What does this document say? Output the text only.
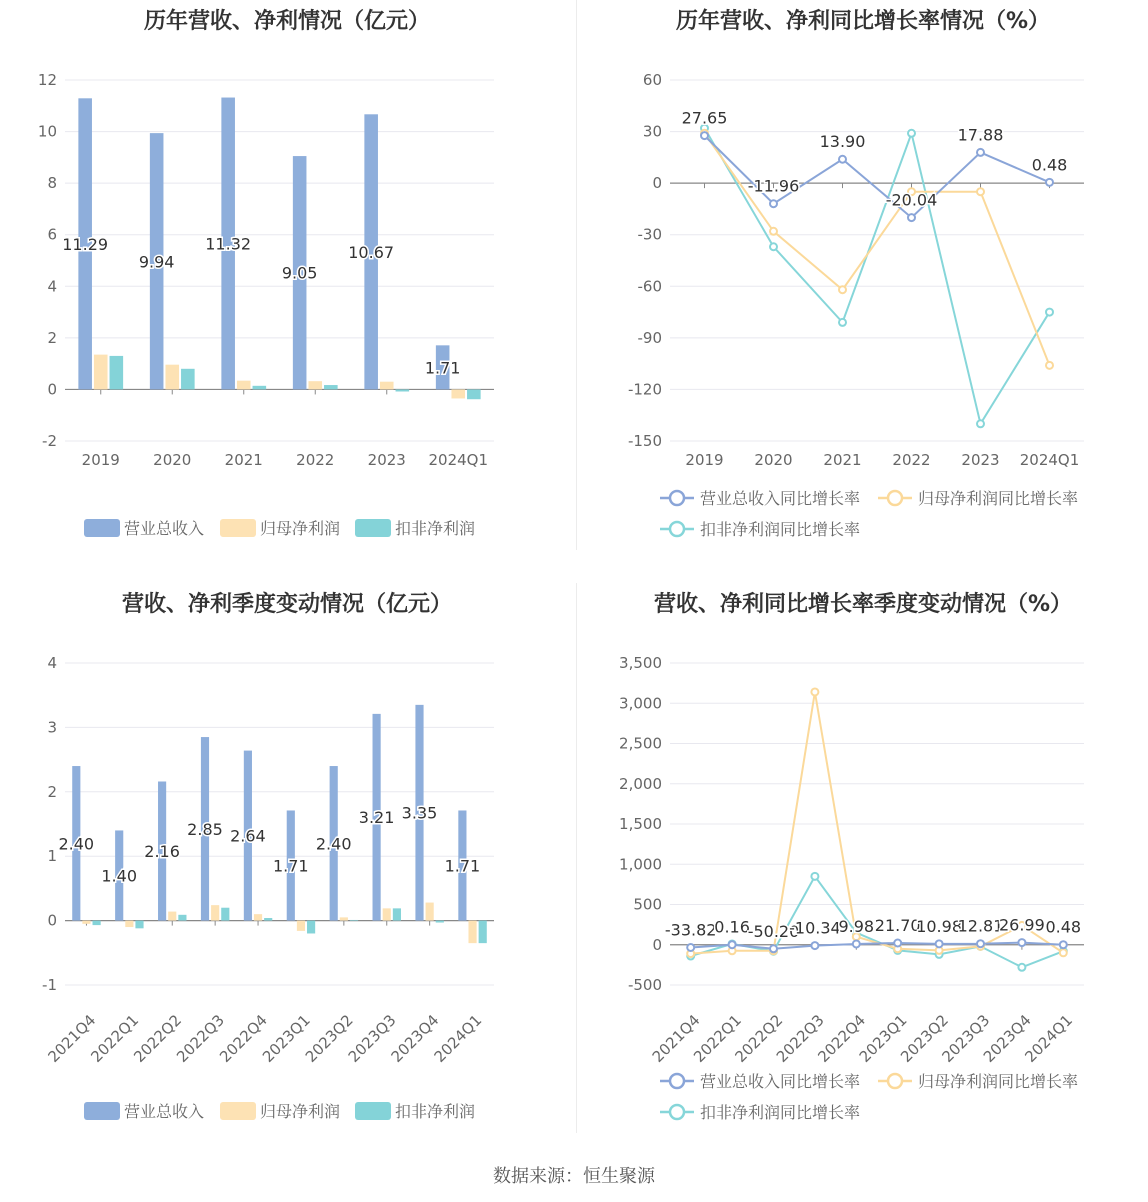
历年营收、净利情况（亿元）
-2
0
2
4
6
8
10
12
2019 2020 2021 2022 2023 2024Q1
11.29
9.94
11.32
9.05
10.67
1.71
营业总收入	归母净利润	扣非净利润
历年营收、净利同比增长率情况（%）
-150
-120
-90
-60
-30
0
30
60
2019 2020 2021 2022 2023 2024Q1
27.65
-11.96
13.90
-20.04
17.88
0.48
营业总收入同比增长率	归母净利润同比增长率
扣非净利润同比增长率
营收、净利季度变动情况（亿元）
-1
0
1
2
3
4
2021Q4
2022Q1
2022Q2
2022Q3
2022Q4
2023Q1
2023Q2
2023Q3
2023Q4
2024Q1
2.40
1.40
2.16
2.85 2.64
1.71
2.40
3.21 3.35
1.71
营业总收入	归母净利润	扣非净利润
营收、净利同比增长率季度变动情况（%）
-500
0
500
1,000
1,500
2,000
2,500
3,000
3,500
2021Q4
2022Q1
2022Q2
2022Q3
2022Q4
2023Q1
2023Q2
2023Q3
2023Q4
2024Q1
-33.82
0.16
-50.20
-10.34
9.98 21.70
10.98
12.81
26.99 0.48
营业总收入同比增长率	归母净利润同比增长率
扣非净利润同比增长率
数据来源：恒生聚源
